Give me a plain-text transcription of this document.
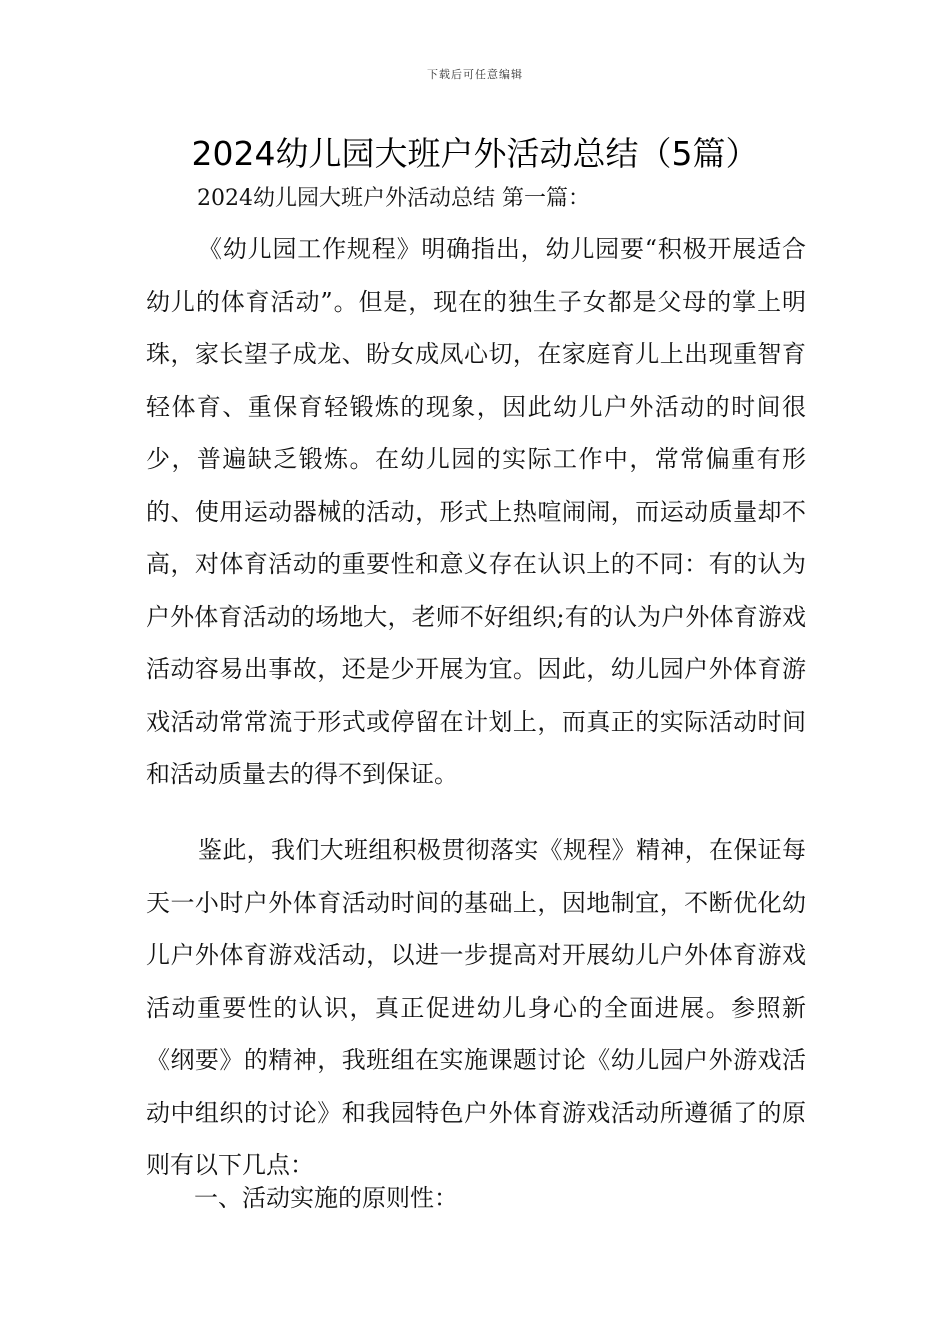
下载后可任意编辑
2024幼儿园大班户外活动总结（5篇）
2024幼儿园大班户外活动总结 第一篇：

《幼儿园工作规程》明确指出，幼儿园要“积极开展适合幼儿的体育活动”。但是，现在的独生子女都是父母的掌上明珠，家长望子成龙、盼女成凤心切，在家庭育儿上出现重智育轻体育、重保育轻锻炼的现象，因此幼儿户外活动的时间很少，普遍缺乏锻炼。在幼儿园的实际工作中，常常偏重有形的、使用运动器械的活动，形式上热喧闹闹，而运动质量却不高，对体育活动的重要性和意义存在认识上的不同：有的认为户外体育活动的场地大，老师不好组织;有的认为户外体育游戏活动容易出事故，还是少开展为宜。因此，幼儿园户外体育游戏活动常常流于形式或停留在计划上，而真正的实际活动时间和活动质量去的得不到保证。

鉴此，我们大班组积极贯彻落实《规程》精神，在保证每天一小时户外体育活动时间的基础上，因地制宜，不断优化幼儿户外体育游戏活动，以进一步提高对开展幼儿户外体育游戏活动重要性的认识，真正促进幼儿身心的全面进展。参照新《纲要》的精神，我班组在实施课题讨论《幼儿园户外游戏活动中组织的讨论》和我园特色户外体育游戏活动所遵循了的原则有以下几点：

一、活动实施的原则性：
